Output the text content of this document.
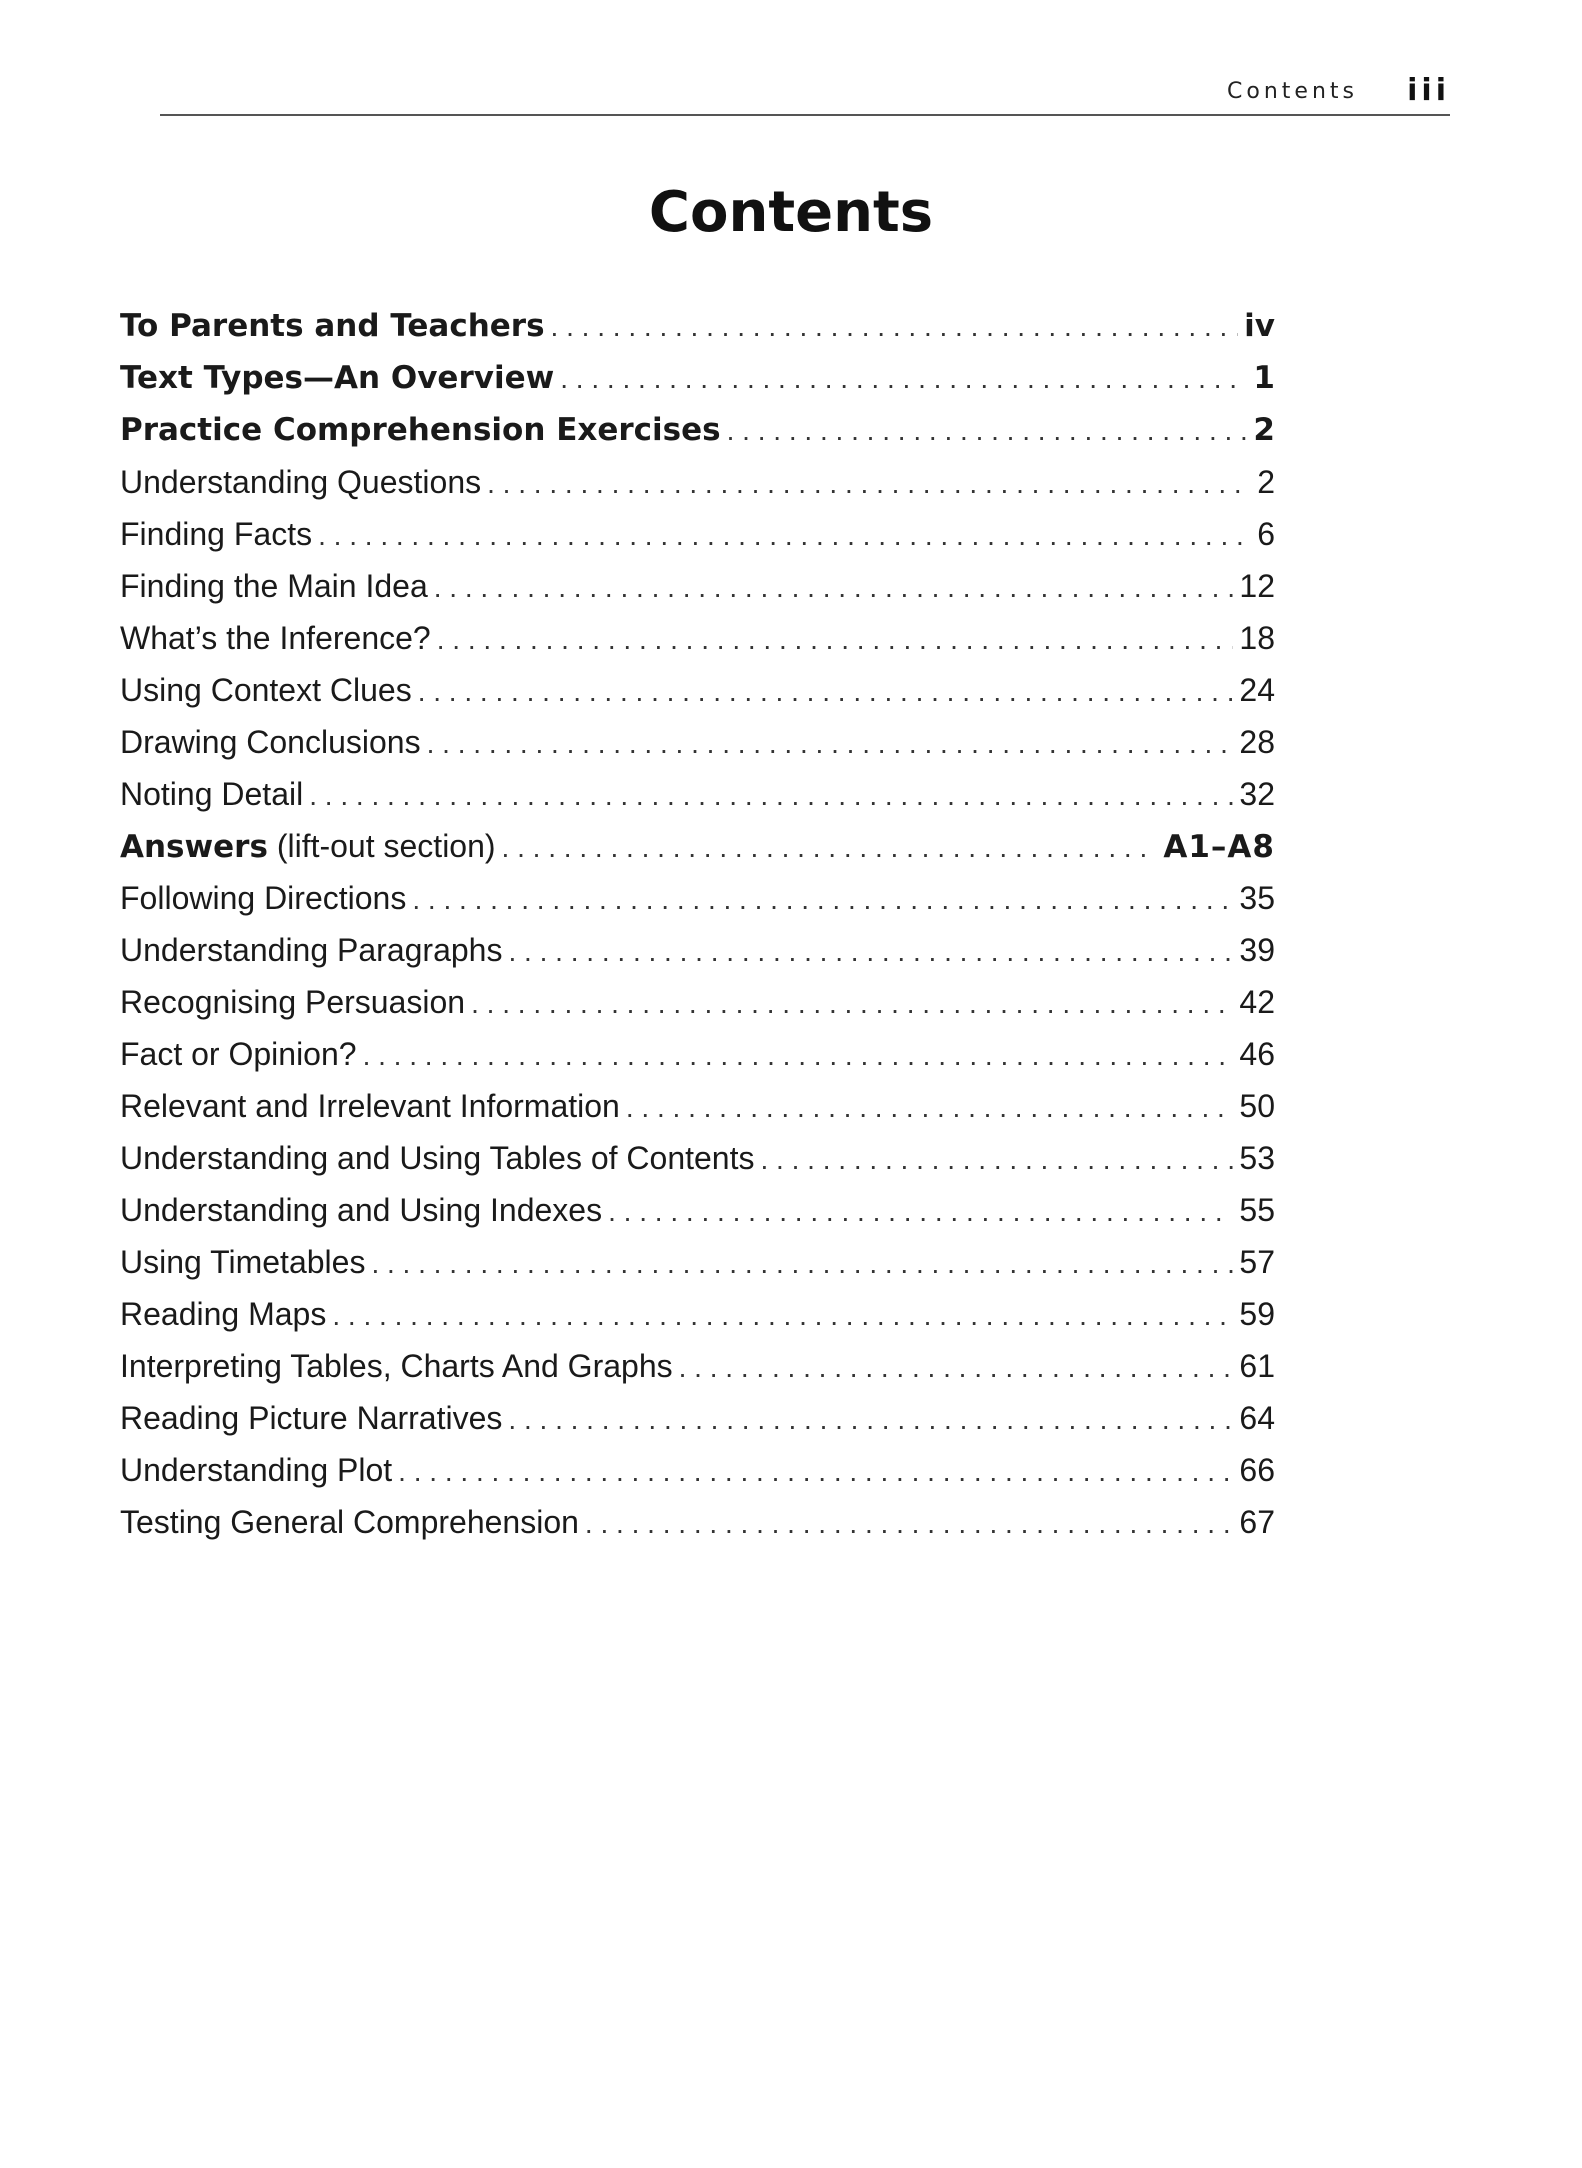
Contents iii
Contents
To Parents and Teachers . . .	iv
Text Types—An Overview . . .	1
Practice Comprehension Exercises . . .	2
Understanding Questions . . .	2
Finding Facts . . .	6
Finding the Main Idea . . .	12
What’s the Inference? . . .	18
Using Context Clues . . .	24
Drawing Conclusions . . .	28
Noting Detail . . .	32
Answers (lift-out section) . . .	A1–A8
Following Directions . . .	35
Understanding Paragraphs . . .	39
Recognising Persuasion . . .	42
Fact or Opinion? . . .	46
Relevant and Irrelevant Information . . .	50
Understanding and Using Tables of Contents . . .	53
Understanding and Using Indexes . . .	55
Using Timetables . . .	57
Reading Maps . . .	59
Interpreting Tables, Charts And Graphs . . .	61
Reading Picture Narratives . . .	64
Understanding Plot . . .	66
Testing General Comprehension . . .	67
